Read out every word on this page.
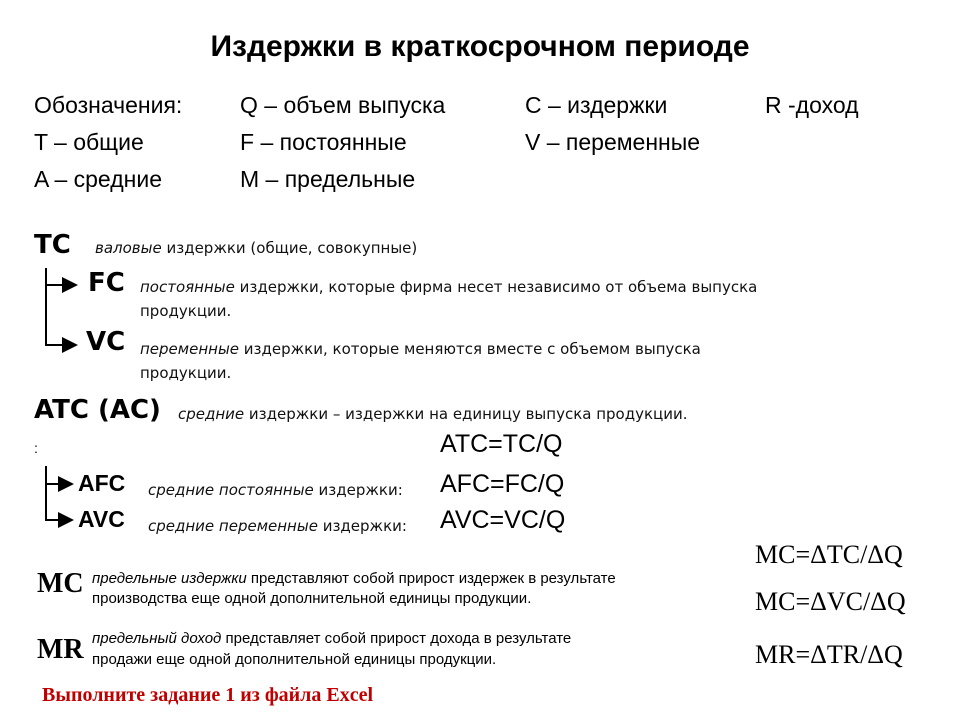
Издержки в краткосрочном периоде
Обозначения:	Q – объем выпуска	C – издержки	R -доход
T – общие	F – постоянные	V – переменные
A – средние	M – предельные
TC валовые издержки (общие, совокупные)
FC постоянные издержки, которые фирма несет независимо от объема выпуска
продукции.
VC переменные издержки, которые меняются вместе с объемом выпуска
продукции.
ATC (AC) средние издержки – издержки на единицу выпуска продукции.
:	ATC=TC/Q
AFC средние постоянные издержки: AFC=FC/Q
AVC средние переменные издержки: AVC=VC/Q
MC предельные издержки представляют собой прирост издержек в результате
производства еще одной дополнительной единицы продукции.
MC=ΔTC/ΔQ
MC=ΔVC/ΔQ
MR предельный доход представляет собой прирост дохода в результате
продажи еще одной дополнительной единицы продукции.	MR=ΔTR/ΔQ
Выполните задание 1 из файла Excel
